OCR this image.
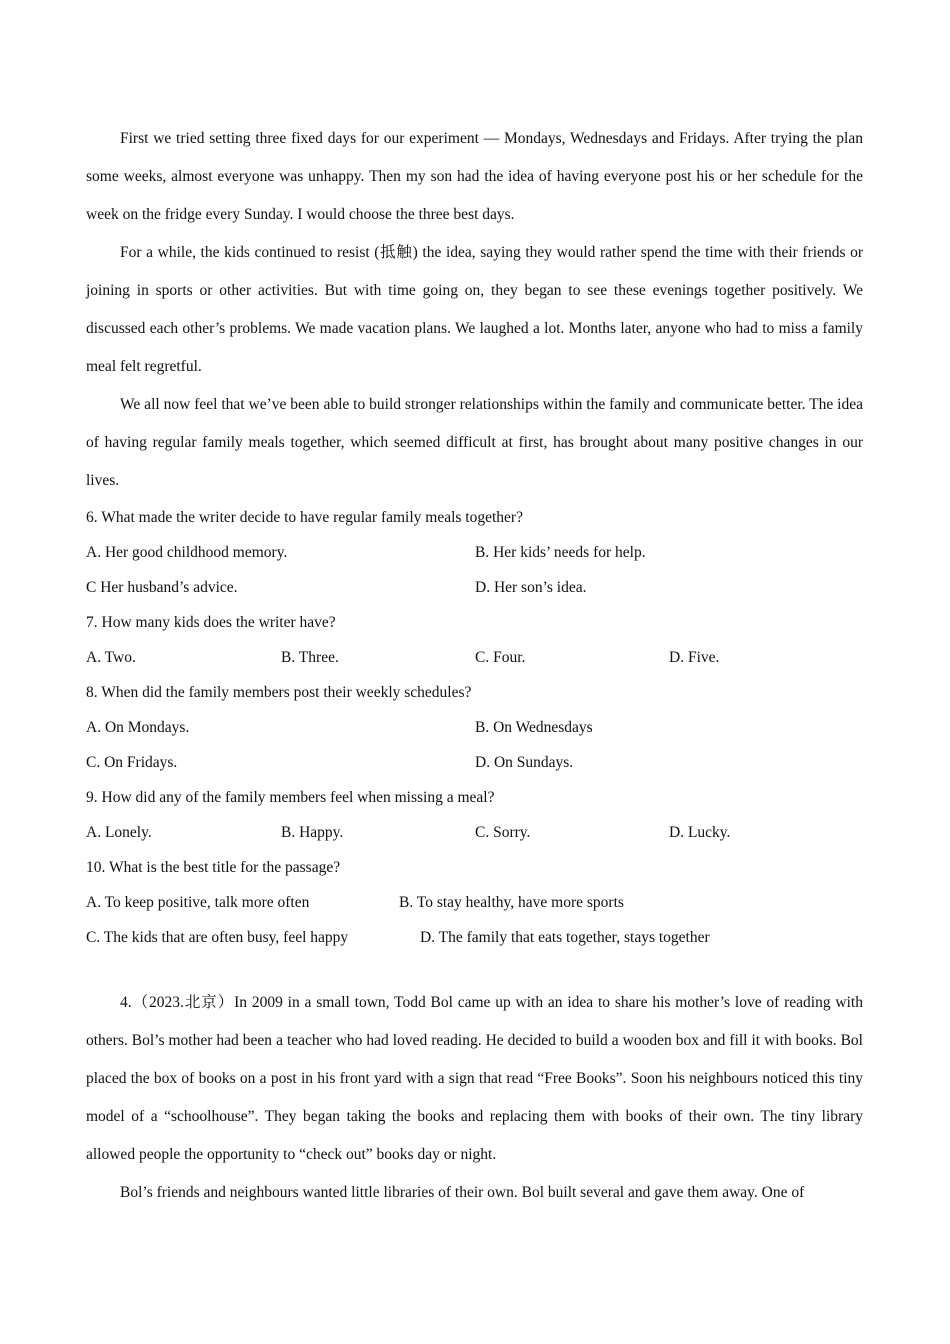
First we tried setting three fixed days for our experiment — Mondays, Wednesdays and Fridays. After trying the plan some weeks, almost everyone was unhappy. Then my son had the idea of having everyone post his or her schedule for the week on the fridge every Sunday. I would choose the three best days.

For a while, the kids continued to resist (抵触) the idea, saying they would rather spend the time with their friends or joining in sports or other activities. But with time going on, they began to see these evenings together positively. We discussed each other’s problems. We made vacation plans. We laughed a lot. Months later, anyone who had to miss a family meal felt regretful.

We all now feel that we’ve been able to build stronger relationships within the family and communicate better. The idea of having regular family meals together, which seemed difficult at first, has brought about many positive changes in our lives.

6. What made the writer decide to have regular family meals together?

A. Her good childhood memory.	B. Her kids’ needs for help.
C Her husband’s advice.	D. Her son’s idea.

7. How many kids does the writer have?

A. Two.	B. Three.	C. Four.	D. Five.

8. When did the family members post their weekly schedules?

A. On Mondays.	B. On Wednesdays
C. On Fridays.	D. On Sundays.

9. How did any of the family members feel when missing a meal?

A. Lonely.	B. Happy.	C. Sorry.	D. Lucky.

10. What is the best title for the passage?

A. To keep positive, talk more often	B. To stay healthy, have more sports
C. The kids that are often busy, feel happy	D. The family that eats together, stays together

4.（2023.北京）In 2009 in a small town, Todd Bol came up with an idea to share his mother’s love of reading with others. Bol’s mother had been a teacher who had loved reading. He decided to build a wooden box and fill it with books. Bol placed the box of books on a post in his front yard with a sign that read “Free Books”. Soon his neighbours noticed this tiny model of a “schoolhouse”. They began taking the books and replacing them with books of their own. The tiny library allowed people the opportunity to “check out” books day or night.

Bol’s friends and neighbours wanted little libraries of their own. Bol built several and gave them away. One of
